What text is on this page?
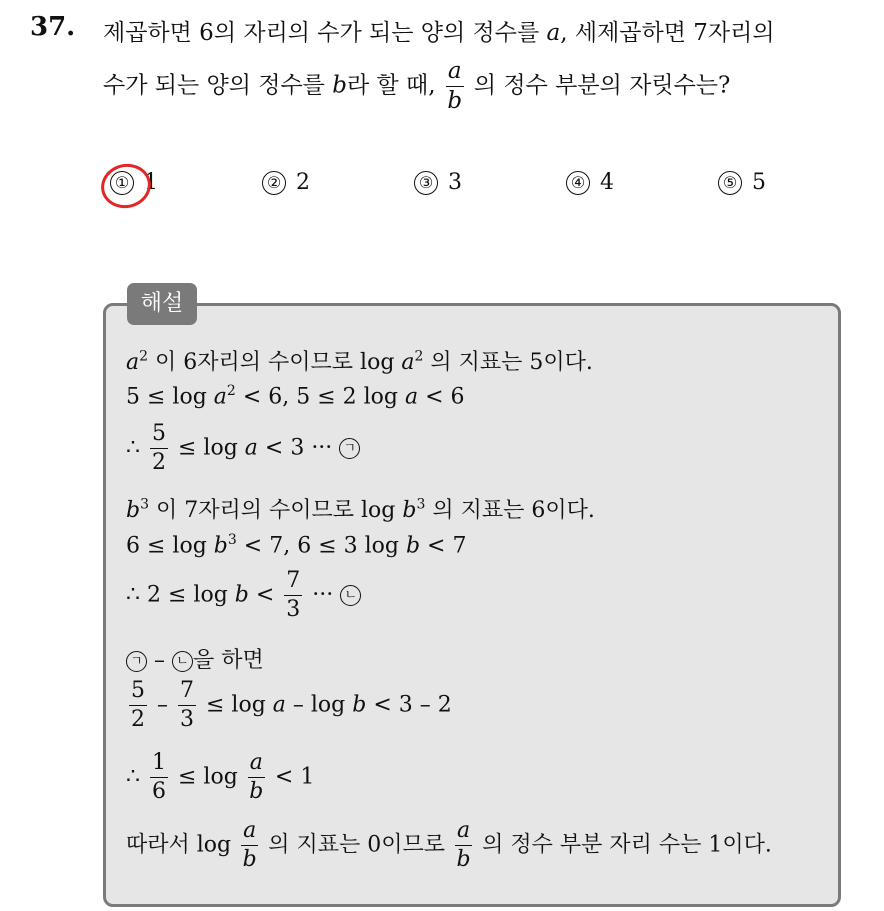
37. 제곱하면 6의 자리의 수가 되는 양의 정수를 a, 세제곱하면 7자리의
수가 되는 양의 정수를 b라 할 때, $\frac{a}{b}$ 의 정수 부분의 자릿수는?
① 1	② 2	③ 3	④ 4	⑤ 5
해설
$a^2$ 이 6자리의 수이므로 $\log a^2$ 의 지표는 5이다.
$5 \le \log a^2 < 6$, 5 ≤ 2 log a < 6
∴ $\frac{5}{2} \le \log a < 3$ ··· ㄱ
$b^3$ 이 7자리의 수이므로 $\log b^3$ 의 지표는 6이다.
$6 \le \log b^3 < 7$, 6 ≤ 3 log b < 7
∴ $2 \le \log b < \frac{7}{3}$ ··· ㄴ
ㄱ – ㄴ 을 하면
$\frac{5}{2} - \frac{7}{3} \le \log a - \log b < 3 - 2$
∴ $\frac{1}{6} \le \log \frac{a}{b} < 1$
따라서 $\log \frac{a}{b}$ 의 지표는 0이므로 $\frac{a}{b}$ 의 정수 부분 자리 수는 1이다.
